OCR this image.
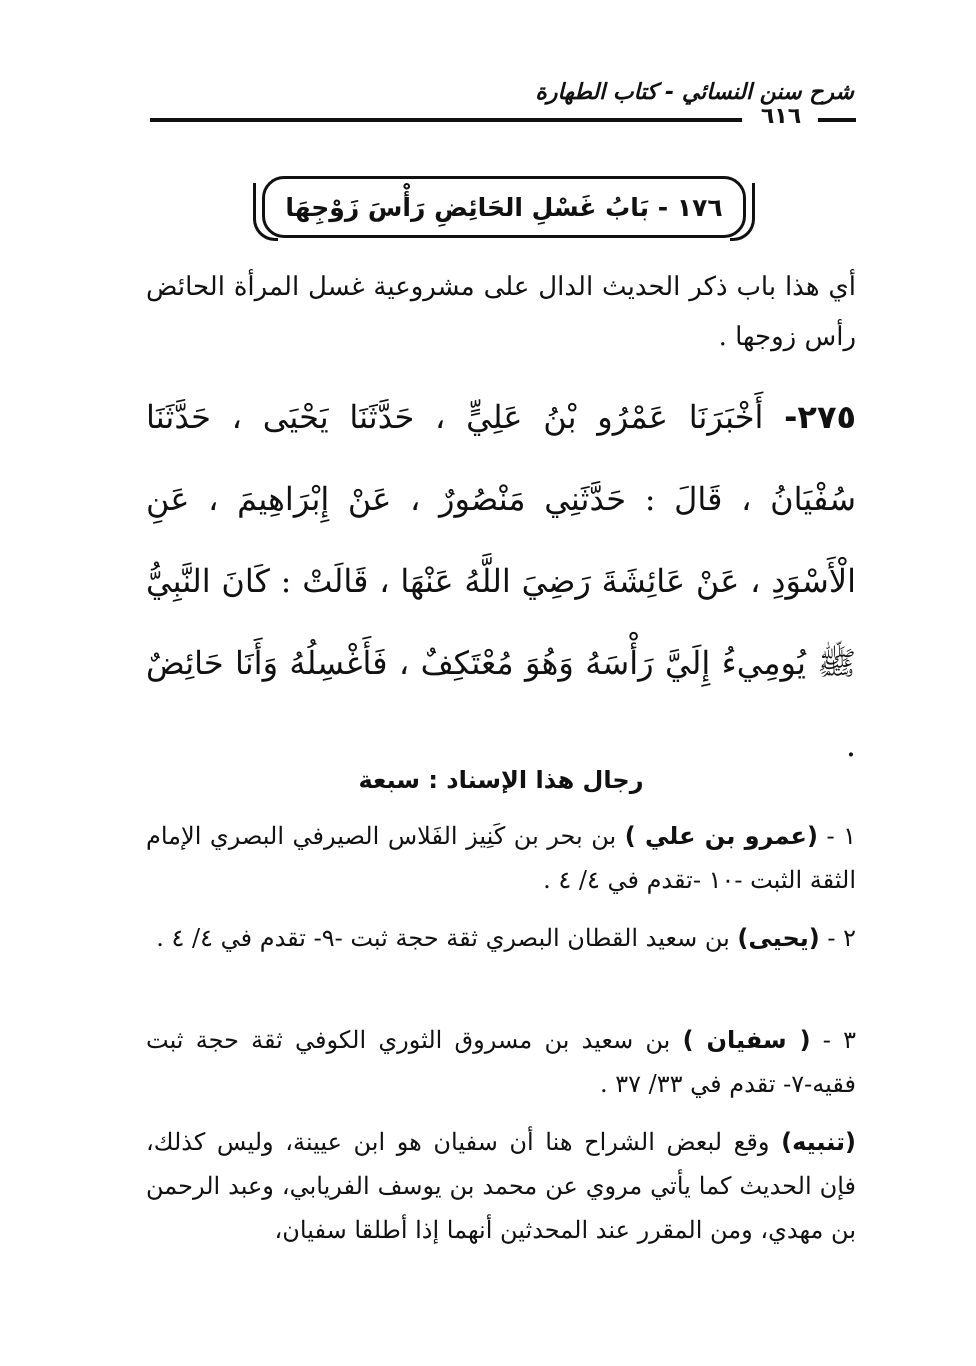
شرح سنن النسائي - كتاب الطهارة
٦١٦
١٧٦ - بَابُ غَسْلِ الحَائِضِ رَأْسَ زَوْجِهَا
أي هذا باب ذكر الحديث الدال على مشروعية غسل المرأة الحائض رأس زوجها .
٢٧٥- أَخْبَرَنَا عَمْرُو بْنُ عَلِيٍّ ، حَدَّثَنَا يَحْيَى ، حَدَّثَنَا سُفْيَانُ ، قَالَ : حَدَّثَنِي مَنْصُورٌ ، عَنْ إِبْرَاهِيمَ ، عَنِ الْأَسْوَدِ ، عَنْ عَائِشَةَ رَضِيَ اللَّهُ عَنْهَا ، قَالَتْ : كَانَ النَّبِيُّ ﷺ يُومِيءُ إِلَيَّ رَأْسَهُ وَهُوَ مُعْتَكِفٌ ، فَأَغْسِلُهُ وَأَنَا حَائِضٌ .
رجال هذا الإسناد : سبعة
١ - (عمرو بن علي ) بن بحر بن كَنِيز الفَلاس الصيرفي البصري الإمام الثقة الثبت -١٠ -تقدم في ٤/ ٤ .
٢ - (يحيى) بن سعيد القطان البصري ثقة حجة ثبت -٩- تقدم في ٤/ ٤ .
٣ - ( سفيان ) بن سعيد بن مسروق الثوري الكوفي ثقة حجة ثبت فقيه-٧- تقدم في ٣٣/ ٣٧ .
(تنبيه) وقع لبعض الشراح هنا أن سفيان هو ابن عيينة، وليس كذلك، فإن الحديث كما يأتي مروي عن محمد بن يوسف الفريابي، وعبد الرحمن بن مهدي، ومن المقرر عند المحدثين أنهما إذا أطلقا سفيان،
